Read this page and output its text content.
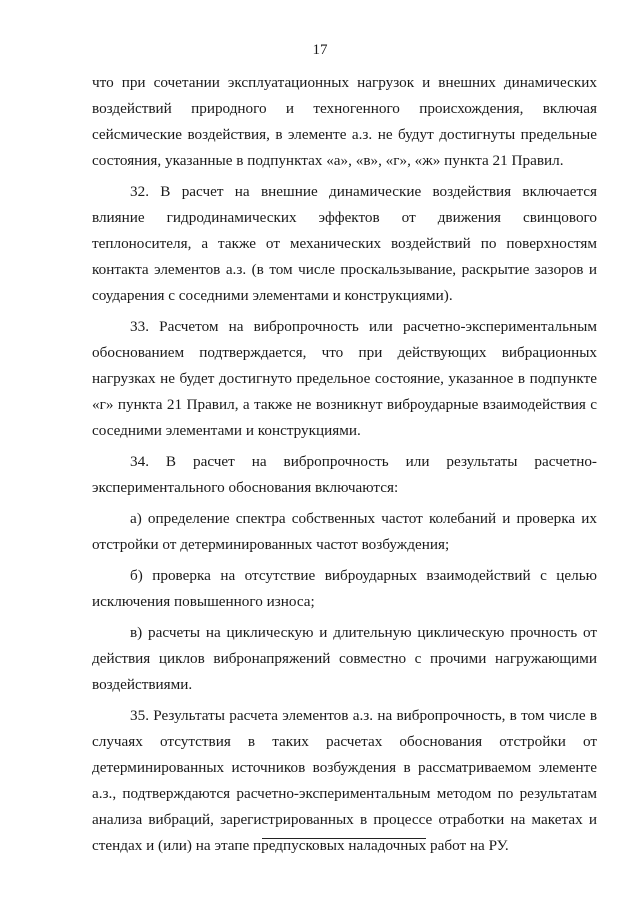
17

что при сочетании эксплуатационных нагрузок и внешних динамических воздействий природного и техногенного происхождения, включая сейсмические воздействия, в элементе а.з. не будут достигнуты предельные состояния, указанные в подпунктах «а», «в», «г», «ж» пункта 21 Правил.

32. В расчет на внешние динамические воздействия включается влияние гидродинамических эффектов от движения свинцового теплоносителя, а также от механических воздействий по поверхностям контакта элементов а.з. (в том числе проскальзывание, раскрытие зазоров и соударения с соседними элементами и конструкциями).

33. Расчетом на вибропрочность или расчетно-экспериментальным обоснованием подтверждается, что при действующих вибрационных нагрузках не будет достигнуто предельное состояние, указанное в подпункте «г» пункта 21 Правил, а также не возникнут виброударные взаимодействия с соседними элементами и конструкциями.

34. В расчет на вибропрочность или результаты расчетно-экспериментального обоснования включаются:

а) определение спектра собственных частот колебаний и проверка их отстройки от детерминированных частот возбуждения;

б) проверка на отсутствие виброударных взаимодействий с целью исключения повышенного износа;

в) расчеты на циклическую и длительную циклическую прочность от действия циклов вибронапряжений совместно с прочими нагружающими воздействиями.

35. Результаты расчета элементов а.з. на вибропрочность, в том числе в случаях отсутствия в таких расчетах обоснования отстройки от детерминированных источников возбуждения в рассматриваемом элементе а.з., подтверждаются расчетно-экспериментальным методом по результатам анализа вибраций, зарегистрированных в процессе отработки на макетах и стендах и (или) на этапе предпусковых наладочных работ на РУ.
